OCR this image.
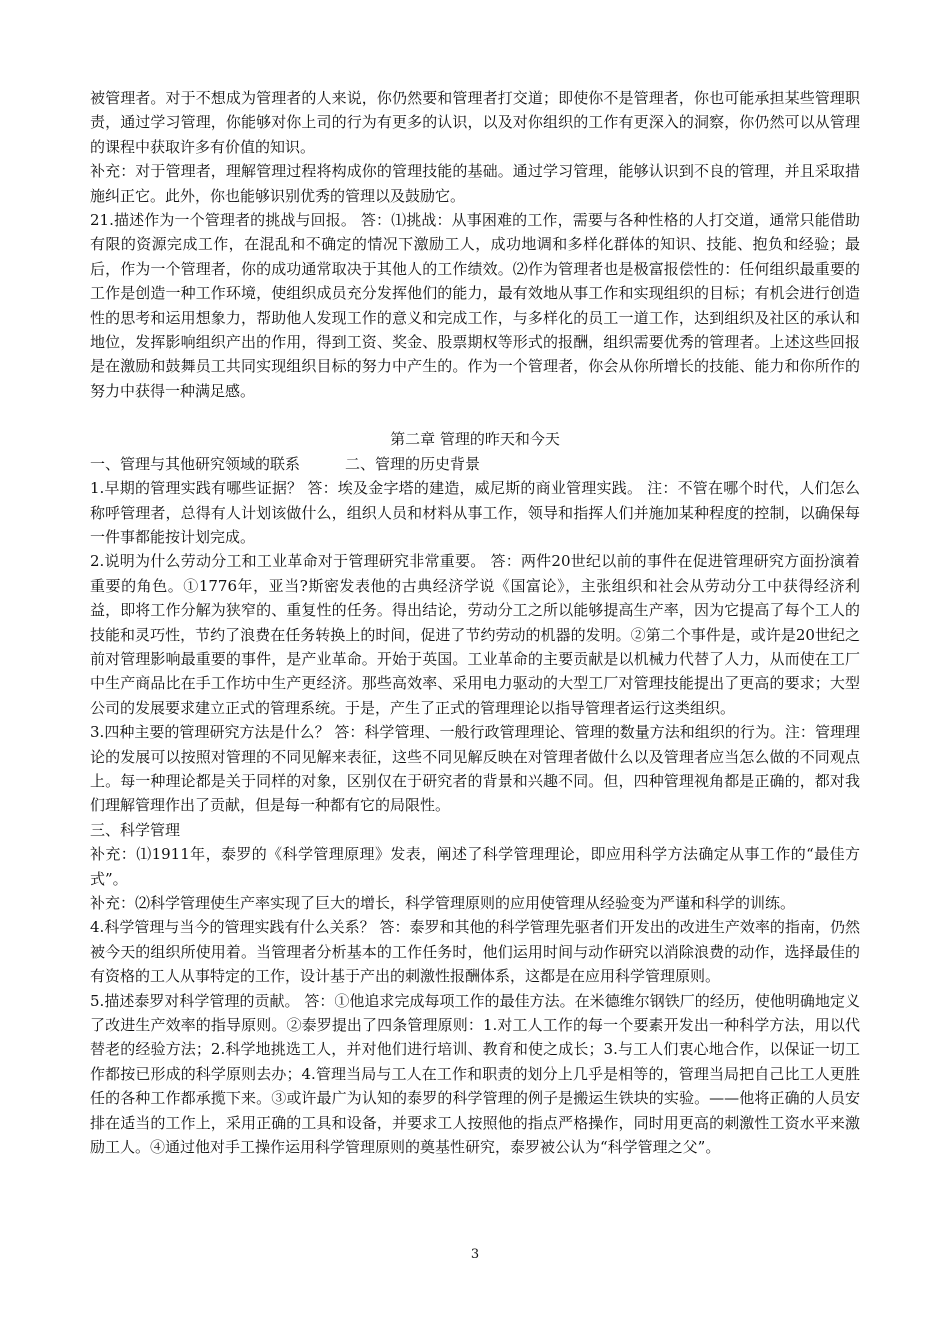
被管理者。对于不想成为管理者的人来说，你仍然要和管理者打交道；即使你不是管理者，你也可能承担某些管理职责，通过学习管理，你能够对你上司的行为有更多的认识，以及对你组织的工作有更深入的洞察，你仍然可以从管理的课程中获取许多有价值的知识。

补充：对于管理者，理解管理过程将构成你的管理技能的基础。通过学习管理，能够认识到不良的管理，并且采取措施纠正它。此外，你也能够识别优秀的管理以及鼓励它。

21.描述作为一个管理者的挑战与回报。 答：⑴挑战：从事困难的工作，需要与各种性格的人打交道，通常只能借助有限的资源完成工作，在混乱和不确定的情况下激励工人，成功地调和多样化群体的知识、技能、抱负和经验；最后，作为一个管理者，你的成功通常取决于其他人的工作绩效。⑵作为管理者也是极富报偿性的：任何组织最重要的工作是创造一种工作环境，使组织成员充分发挥他们的能力，最有效地从事工作和实现组织的目标；有机会进行创造性的思考和运用想象力，帮助他人发现工作的意义和完成工作，与多样化的员工一道工作，达到组织及社区的承认和地位，发挥影响组织产出的作用，得到工资、奖金、股票期权等形式的报酬，组织需要优秀的管理者。上述这些回报是在激励和鼓舞员工共同实现组织目标的努力中产生的。作为一个管理者，你会从你所增长的技能、能力和你所作的努力中获得一种满足感。

第二章 管理的昨天和今天

一、管理与其他研究领域的联系　　　二、管理的历史背景

1.早期的管理实践有哪些证据？ 答：埃及金字塔的建造，威尼斯的商业管理实践。 注：不管在哪个时代，人们怎么称呼管理者，总得有人计划该做什么，组织人员和材料从事工作，领导和指挥人们并施加某种程度的控制，以确保每一件事都能按计划完成。

2.说明为什么劳动分工和工业革命对于管理研究非常重要。 答：两件20世纪以前的事件在促进管理研究方面扮演着重要的角色。①1776年，亚当?斯密发表他的古典经济学说《国富论》，主张组织和社会从劳动分工中获得经济利益，即将工作分解为狭窄的、重复性的任务。得出结论，劳动分工之所以能够提高生产率，因为它提高了每个工人的技能和灵巧性，节约了浪费在任务转换上的时间，促进了节约劳动的机器的发明。②第二个事件是，或许是20世纪之前对管理影响最重要的事件，是产业革命。开始于英国。工业革命的主要贡献是以机械力代替了人力，从而使在工厂中生产商品比在手工作坊中生产更经济。那些高效率、采用电力驱动的大型工厂对管理技能提出了更高的要求；大型公司的发展要求建立正式的管理系统。于是，产生了正式的管理理论以指导管理者运行这类组织。

3.四种主要的管理研究方法是什么？ 答：科学管理、一般行政管理理论、管理的数量方法和组织的行为。注：管理理论的发展可以按照对管理的不同见解来表征，这些不同见解反映在对管理者做什么以及管理者应当怎么做的不同观点上。每一种理论都是关于同样的对象，区别仅在于研究者的背景和兴趣不同。但，四种管理视角都是正确的，都对我们理解管理作出了贡献，但是每一种都有它的局限性。

三、科学管理

补充：⑴1911年，泰罗的《科学管理原理》发表，阐述了科学管理理论，即应用科学方法确定从事工作的“最佳方式”。

补充：⑵科学管理使生产率实现了巨大的增长，科学管理原则的应用使管理从经验变为严谨和科学的训练。

4.科学管理与当今的管理实践有什么关系？ 答：泰罗和其他的科学管理先驱者们开发出的改进生产效率的指南，仍然被今天的组织所使用着。当管理者分析基本的工作任务时，他们运用时间与动作研究以消除浪费的动作，选择最佳的有资格的工人从事特定的工作，设计基于产出的刺激性报酬体系，这都是在应用科学管理原则。

5.描述泰罗对科学管理的贡献。 答：①他追求完成每项工作的最佳方法。在米德维尔钢铁厂的经历，使他明确地定义了改进生产效率的指导原则。②泰罗提出了四条管理原则：1.对工人工作的每一个要素开发出一种科学方法，用以代替老的经验方法；2.科学地挑选工人，并对他们进行培训、教育和使之成长；3.与工人们衷心地合作，以保证一切工作都按已形成的科学原则去办；4.管理当局与工人在工作和职责的划分上几乎是相等的，管理当局把自己比工人更胜任的各种工作都承揽下来。③或许最广为认知的泰罗的科学管理的例子是搬运生铁块的实验。——他将正确的人员安排在适当的工作上，采用正确的工具和设备，并要求工人按照他的指点严格操作，同时用更高的刺激性工资水平来激励工人。④通过他对手工操作运用科学管理原则的奠基性研究，泰罗被公认为“科学管理之父”。

3
